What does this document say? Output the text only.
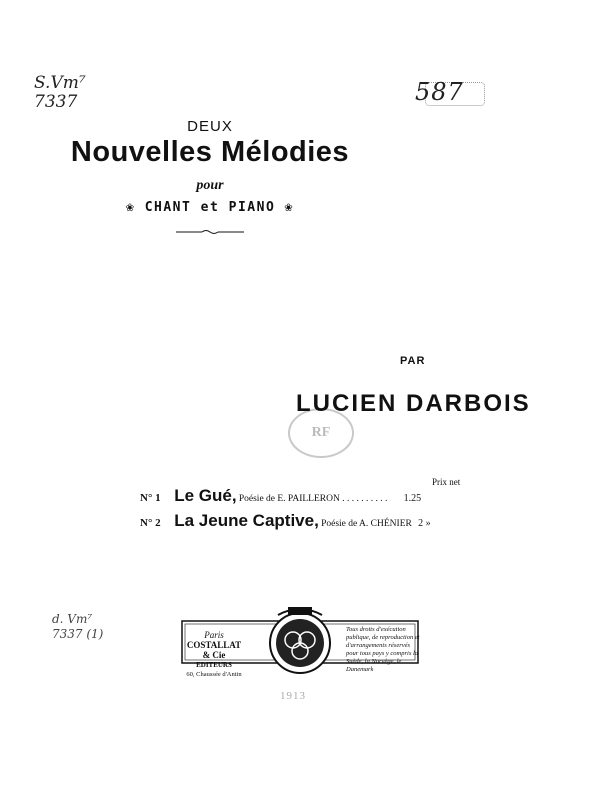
S.Vm⁷
7337	587
DEUX
Nouvelles Mélodies
pour
❀ CHANT et PIANO ❀
PAR
RF
LUCIEN DARBOIS
Prix net
N° 1 Le Gué, Poésie de E. PAILLERON . . . . . . . . . . 1.25
N° 2 La Jeune Captive, Poésie de A. CHÉNIER 2 »
Paris
COSTALLAT & Cie
EDITEURS
60, Chaussée d'Antin
Tous droits d'exécution publique, de reproduction et d'arrangements réservés pour tous pays y compris la Suède, la Norvège, le Danemark
d. Vm⁷
7337 (1)
1913
